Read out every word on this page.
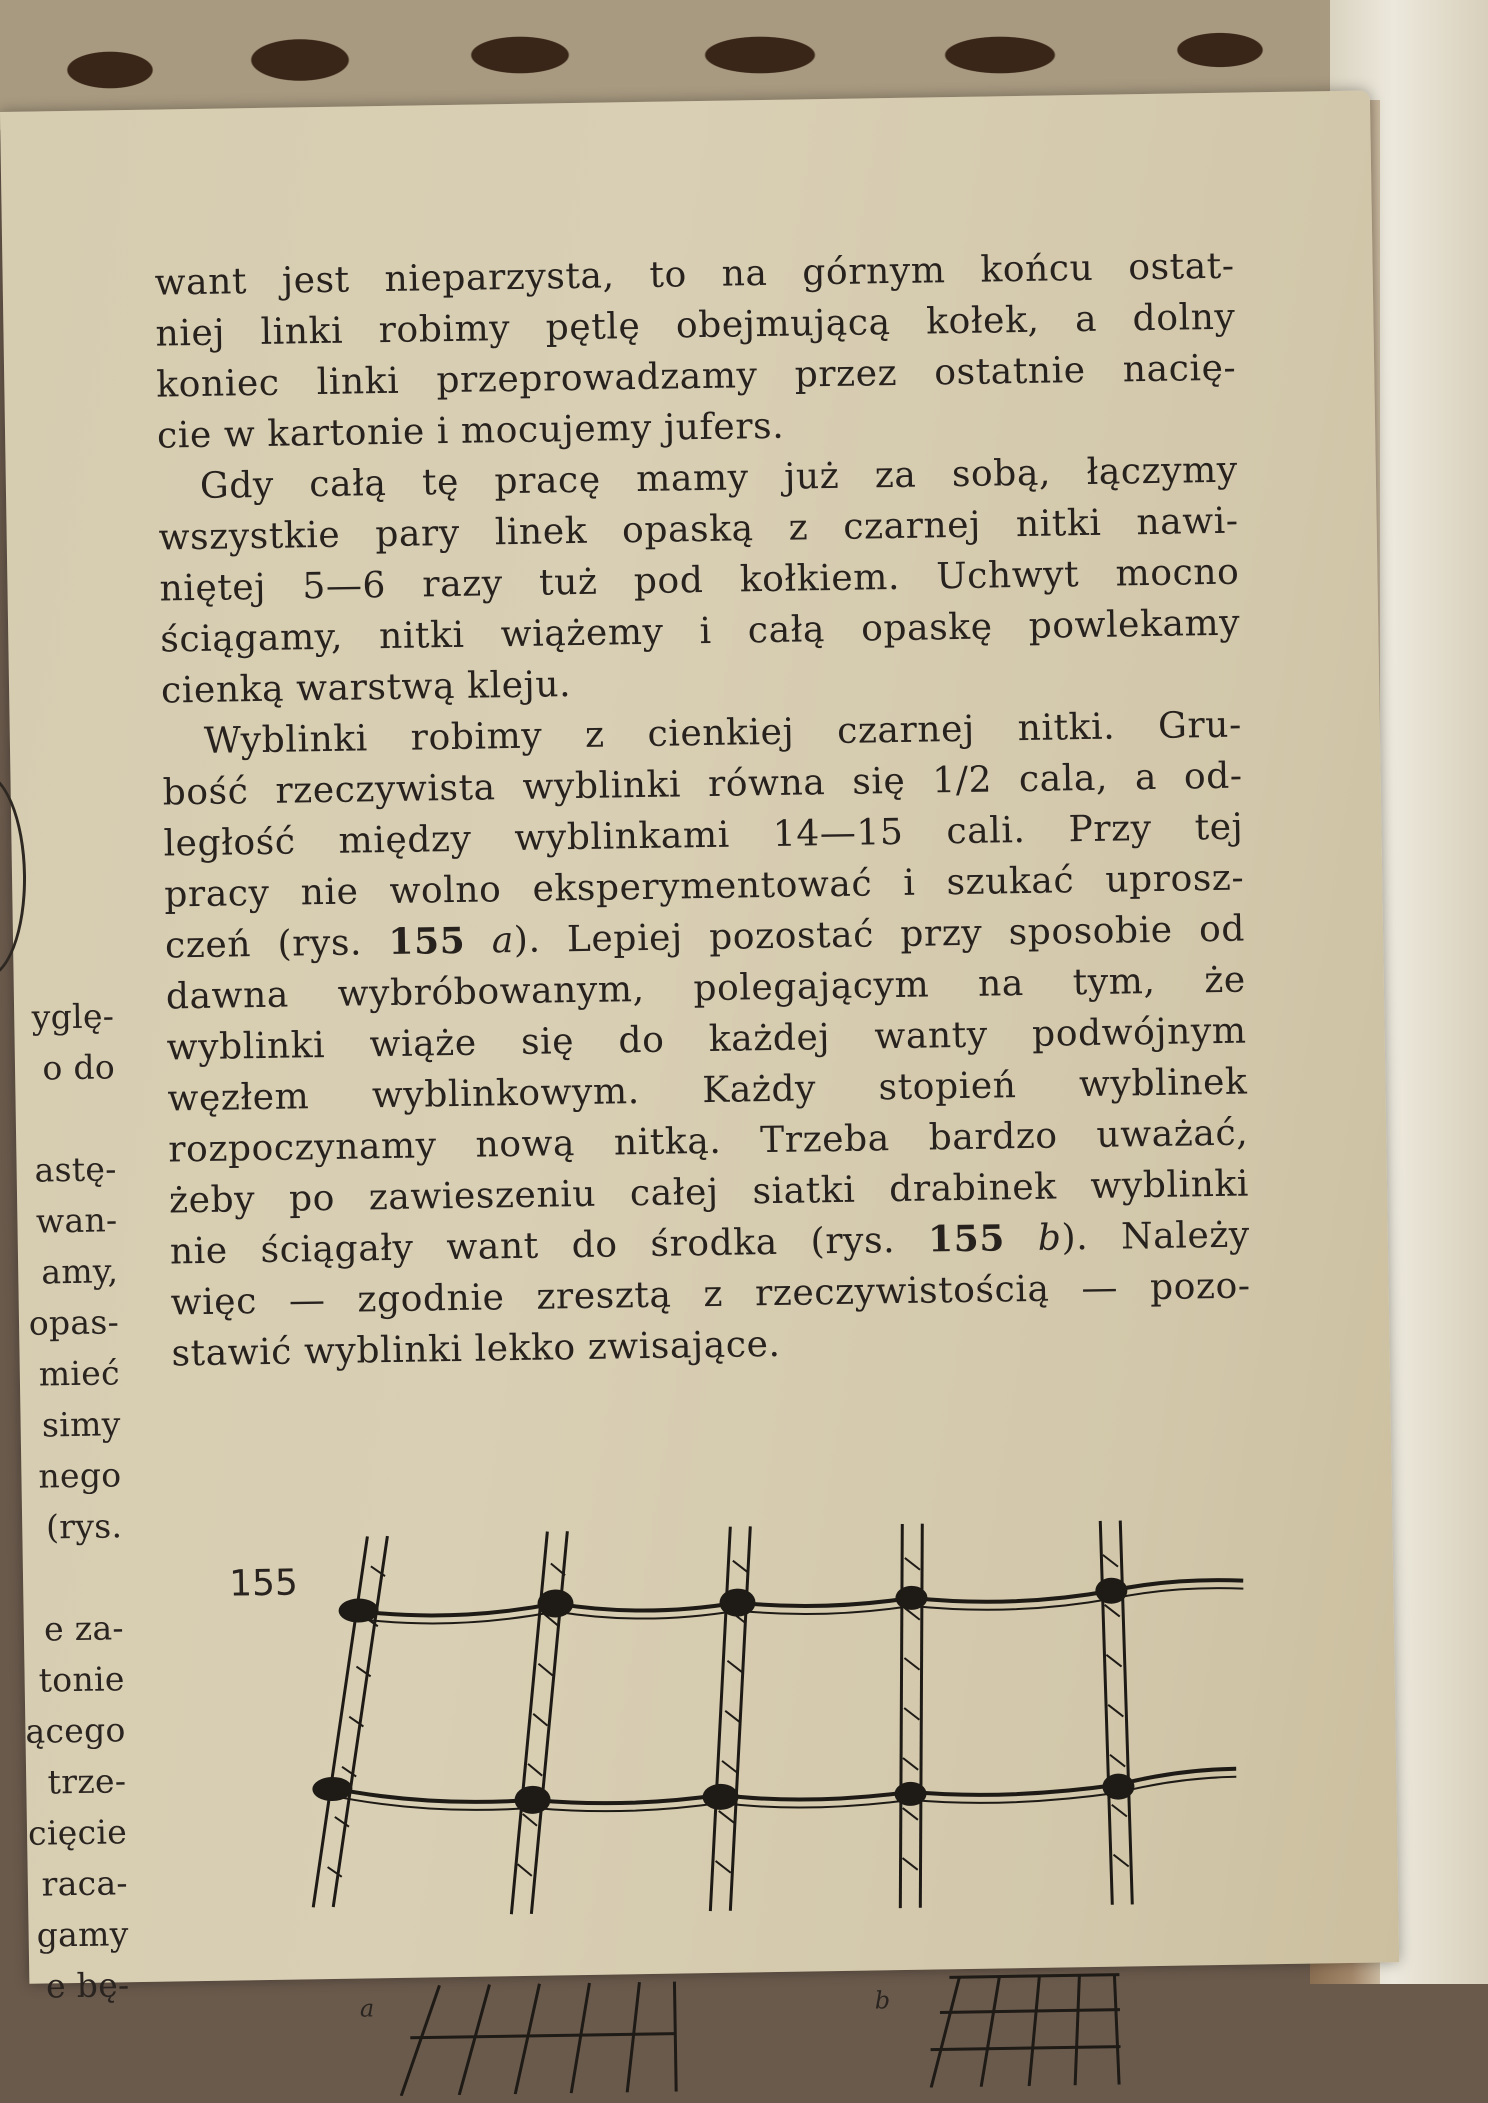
yglę-
o do

astę-
wan-
amy,
opas-
mieć
simy
nego
(rys.

e za-
tonie
ącego
trze-
cięcie
raca-
gamy
e bę-
want jest nieparzysta, to na górnym końcu ostat-
niej linki robimy pętlę obejmującą kołek, a dolny
koniec linki przeprowadzamy przez ostatnie nacię-
cie w kartonie i mocujemy jufers.
Gdy całą tę pracę mamy już za sobą, łączymy
wszystkie pary linek opaską z czarnej nitki nawi-
niętej 5—6 razy tuż pod kołkiem. Uchwyt mocno
ściągamy, nitki wiążemy i całą opaskę powlekamy
cienką warstwą kleju.
Wyblinki robimy z cienkiej czarnej nitki. Gru-
bość rzeczywista wyblinki równa się 1/2 cala, a od-
ległość między wyblinkami 14—15 cali. Przy tej
pracy nie wolno eksperymentować i szukać uprosz-
czeń (rys. 155 a). Lepiej pozostać przy sposobie od
dawna wybróbowanym, polegającym na tym, że
wyblinki wiąże się do każdej wanty podwójnym
węzłem wyblinkowym. Każdy stopień wyblinek
rozpoczynamy nową nitką. Trzeba bardzo uważać,
żeby po zawieszeniu całej siatki drabinek wyblinki
nie ściągały want do środka (rys. 155 b). Należy
więc — zgodnie zresztą z rzeczywistością — pozo-
stawić wyblinki lekko zwisające.
155
a	b
